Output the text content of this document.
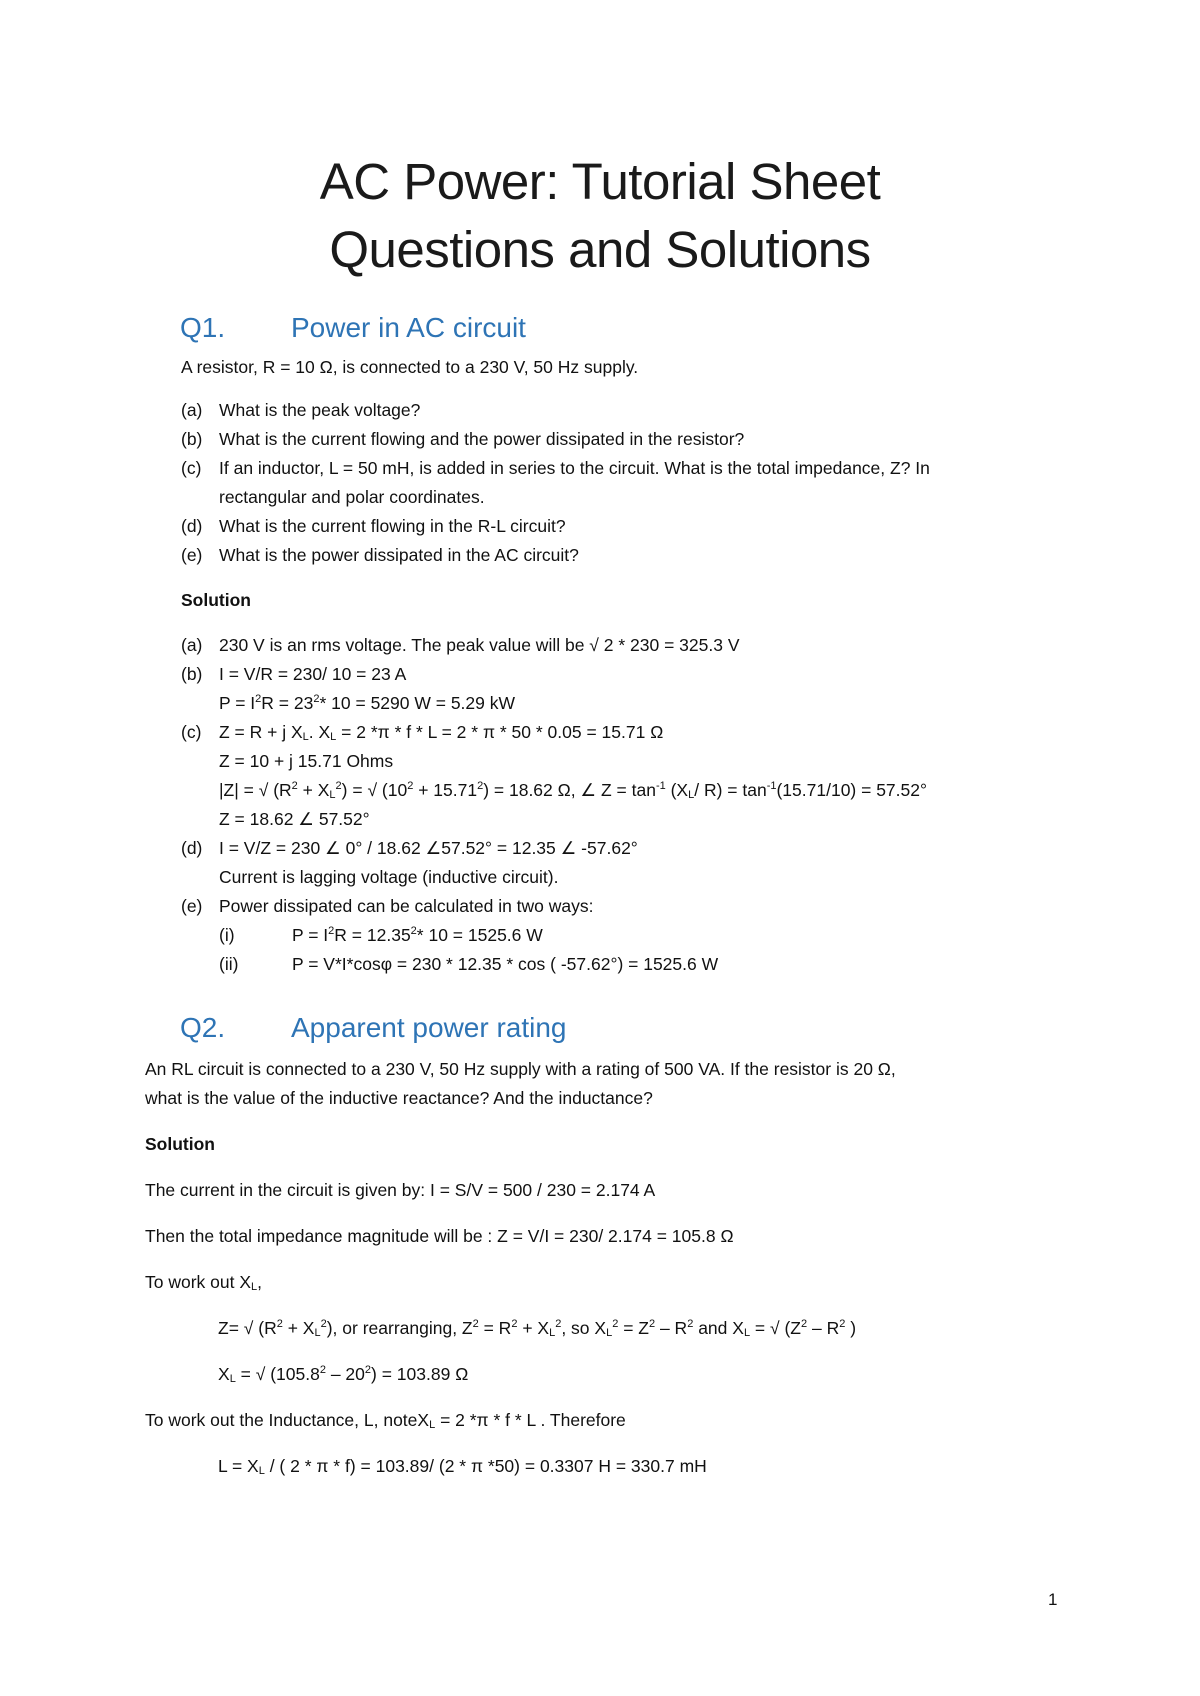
AC Power: Tutorial Sheet
Questions and Solutions
Q1. Power in AC circuit
A resistor, R = 10 Ω, is connected to a 230 V, 50 Hz supply.
(a) What is the peak voltage?
(b) What is the current flowing and the power dissipated in the resistor?
(c) If an inductor, L = 50 mH, is added in series to the circuit. What is the total impedance, Z? In
rectangular and polar coordinates.
(d) What is the current flowing in the R-L circuit?
(e) What is the power dissipated in the AC circuit?
Solution
(a) 230 V is an rms voltage. The peak value will be √ 2 * 230 = 325.3 V
(b) I = V/R = 230/ 10 = 23 A
$P = I^2R = 23^2*$ 10 = 5290 W = 5.29 kW
(c) Z = R + j $X_L$. $X_L = 2$ *π * f * L = 2 * π * 50 * 0.05 = 15.71 Ω
Z = 10 + j 15.71 Ohms
|Z| = √ $(R^2 + X_L^2)$ = √ $(10^2 + 15.71^2) = 18.62$ Ω, ∠ $Z = \tan^{-1} (X_L/$ $R) = \tan^{-1}(15.71/10) = 57.52^\circ$
Z = 18.62 ∠ 57.52°
(d) I = V/Z = 230 ∠ 0° / 18.62 ∠57.52° = 12.35 ∠ -57.62°
Current is lagging voltage (inductive circuit).
(e) Power dissipated can be calculated in two ways:
(i)	$P = I^2R = 12.35^2*$ 10 = 1525.6 W
(ii)	P = V*I*cosφ = 230 * 12.35 * cos ( -57.62°) = 1525.6 W
Q2. Apparent power rating
An RL circuit is connected to a 230 V, 50 Hz supply with a rating of 500 VA. If the resistor is 20 Ω,
what is the value of the inductive reactance? And the inductance?
Solution
The current in the circuit is given by: I = S/V = 500 / 230 = 2.174 A
Then the total impedance magnitude will be : Z = V/I = 230/ 2.174 = 105.8 Ω
To work out $X_L$,
Z= √ $(R^2 + X_L^2)$, or rearranging, $Z^2 = R^2 + X_L^2$, so $X_L^2 = Z^2 - R^2$ and $X_L$ = √ ($Z^2 - R^2$ )
$X_L$ = √ $(105.8^2 - 20^2) = 103.89$ Ω
To work out the Inductance, L, noteX$_L$ = 2 *π * f * L . Therefore
$L = X_L$ / ( 2 * π * f) = 103.89/ (2 * π *50) = 0.3307 H = 330.7 mH
1
